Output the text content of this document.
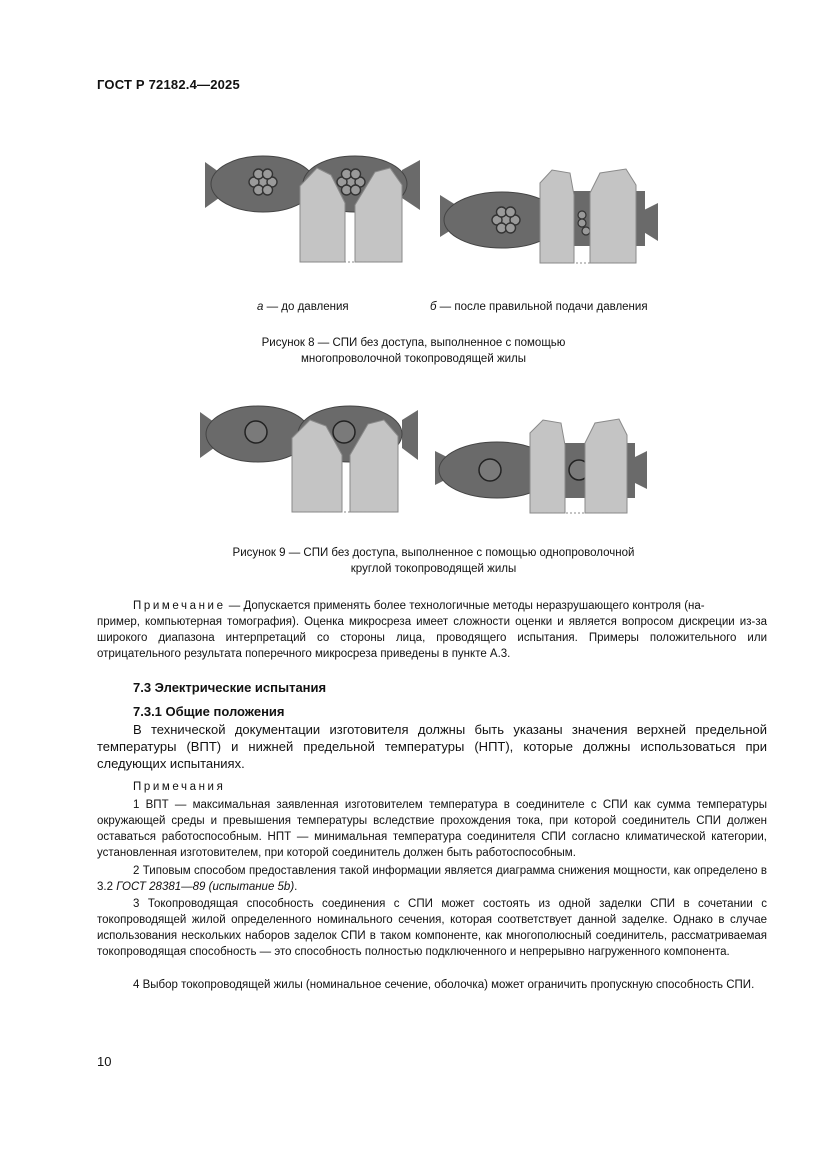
ГОСТ Р 72182.4—2025
а — до давления	б — после правильной подачи давления
Рисунок 8 — СПИ без доступа, выполненное с помощью
многопроволочной токопроводящей жилы
Рисунок 9 — СПИ без доступа, выполненное с помощью однопроволочной
круглой токопроводящей жилы
Примечание — Допускается применять более технологичные методы неразрушающего контроля (на-
пример, компьютерная томография). Оценка микросреза имеет сложности оценки и является вопросом дискреции из-за широкого диапазона интерпретаций со стороны лица, проводящего испытания. Примеры положительного или отрицательного результата поперечного микросреза приведены в пункте А.3.
7.3 Электрические испытания
7.3.1 Общие положения
В технической документации изготовителя должны быть указаны значения верхней предельной температуры (ВПТ) и нижней предельной температуры (НПТ), которые должны использоваться при следующих испытаниях.
Примечания
1 ВПТ — максимальная заявленная изготовителем температура в соединителе с СПИ как сумма температуры окружающей среды и превышения температуры вследствие прохождения тока, при которой соединитель СПИ должен оставаться работоспособным. НПТ — минимальная температура соединителя СПИ согласно климатической категории, установленная изготовителем, при которой соединитель должен быть работоспособным.
2 Типовым способом предоставления такой информации является диаграмма снижения мощности, как определено в 3.2 ГОСТ 28381—89 (испытание 5b).
3 Токопроводящая способность соединения с СПИ может состоять из одной заделки СПИ в сочетании с токопроводящей жилой определенного номинального сечения, которая соответствует данной заделке. Однако в случае использования нескольких наборов заделок СПИ в таком компоненте, как многополюсный соединитель, рассматриваемая токопроводящая способность — это способность полностью подключенного и непрерывно нагруженного компонента.
4 Выбор токопроводящей жилы (номинальное сечение, оболочка) может ограничить пропускную способность СПИ.
10
